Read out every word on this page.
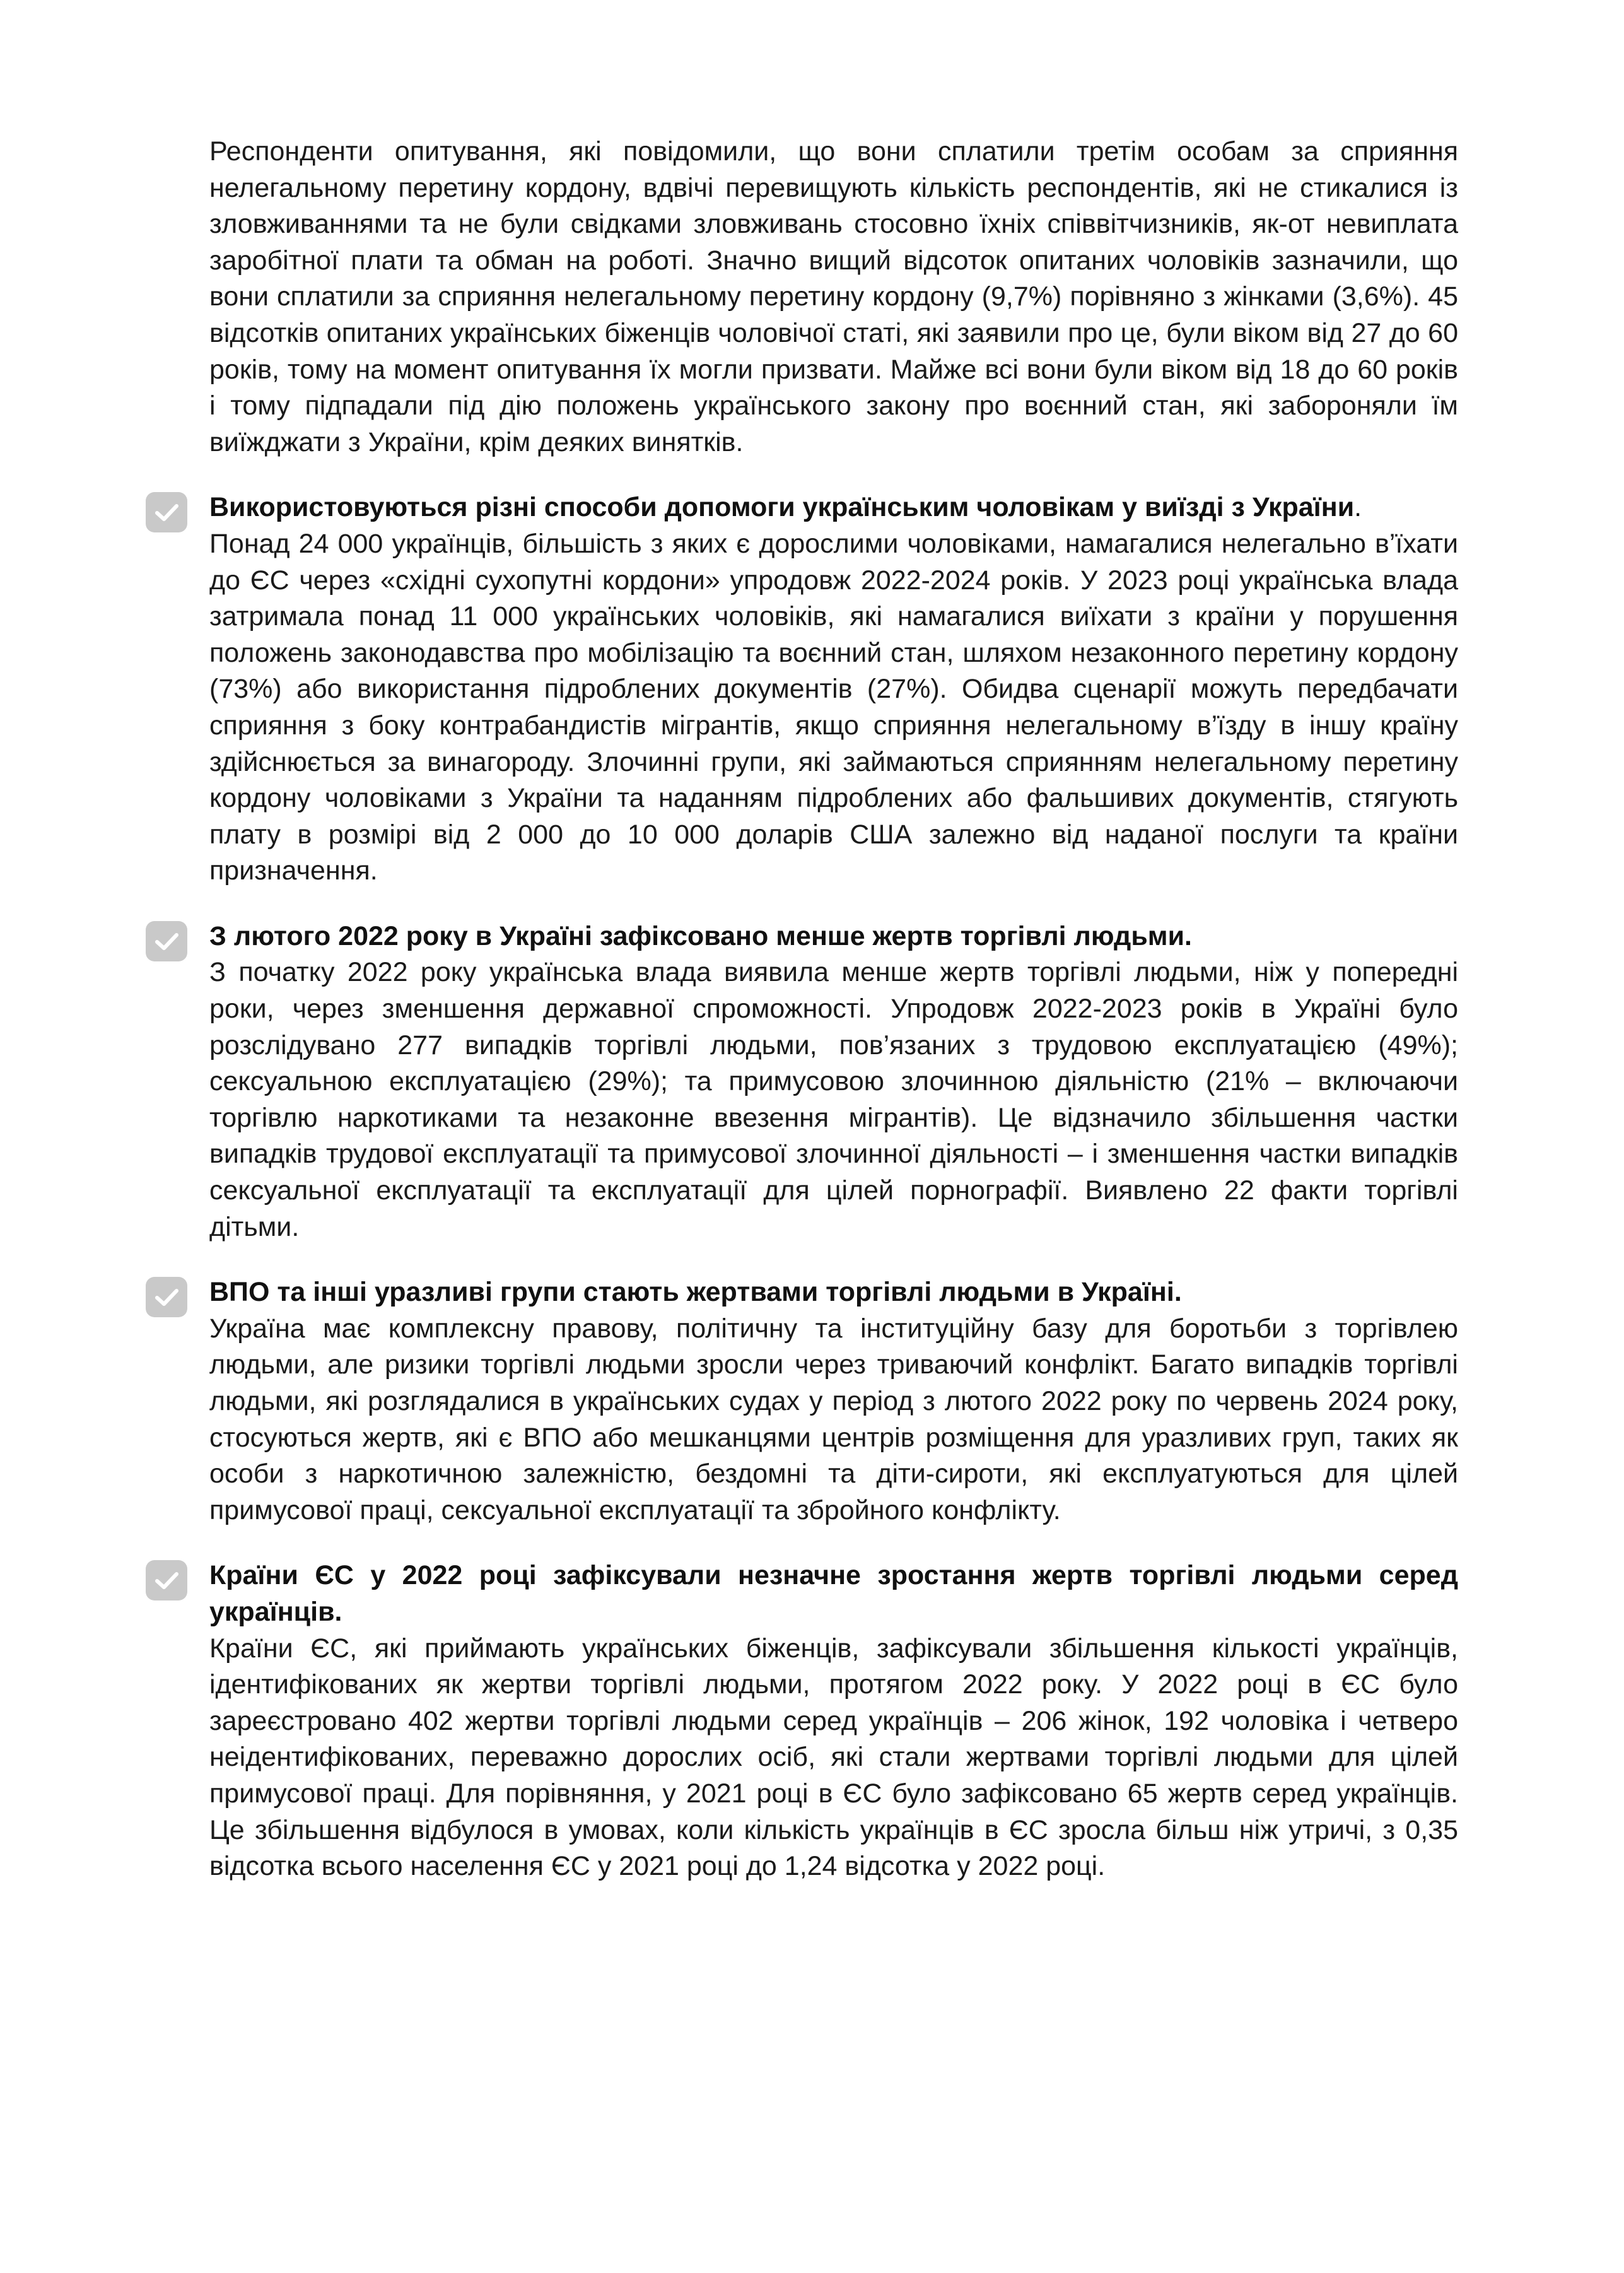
Респонденти опитування, які повідомили, що вони сплатили третім особам за сприяння нелегальному перетину кордону, вдвічі перевищують кількість респондентів, які не стикалися із зловживаннями та не були свідками зловживань стосовно їхніх співвітчизників, як-от невиплата заробітної плати та обман на роботі. Значно вищий відсоток опитаних чоловіків зазначили, що вони сплатили за сприяння нелегальному перетину кордону (9,7%) порівняно з жінками (3,6%). 45 відсотків опитаних українських біженців чоловічої статі, які заявили про це, були віком від 27 до 60 років, тому на момент опитування їх могли призвати. Майже всі вони були віком від 18 до 60 років і тому підпадали під дію положень українського закону про воєнний стан, які забороняли їм виїжджати з України, крім деяких винятків.

Використовуються різні способи допомоги українським чоловікам у виїзді з України.

Понад 24 000 українців, більшість з яких є дорослими чоловіками, намагалися нелегально в’їхати до ЄС через «східні сухопутні кордони» упродовж 2022-2024 років. У 2023 році українська влада затримала понад 11 000 українських чоловіків, які намагалися виїхати з країни у порушення положень законодавства про мобілізацію та воєнний стан, шляхом незаконного перетину кордону (73%) або використання підроблених документів (27%). Обидва сценарії можуть передбачати сприяння з боку контрабандистів мігрантів, якщо сприяння нелегальному в’їзду в іншу країну здійснюється за винагороду. Злочинні групи, які займаються сприянням нелегальному перетину кордону чоловіками з України та наданням підроблених або фальшивих документів, стягують плату в розмірі від 2 000 до 10 000 доларів США залежно від наданої послуги та країни призначення.

З лютого 2022 року в Україні зафіксовано менше жертв торгівлі людьми.

З початку 2022 року українська влада виявила менше жертв торгівлі людьми, ніж у попередні роки, через зменшення державної спроможності. Упродовж 2022-2023 років в Україні було розслідувано 277 випадків торгівлі людьми, пов’язаних з трудовою експлуатацією (49%); сексуальною експлуатацією (29%); та примусовою злочинною діяльністю (21% – включаючи торгівлю наркотиками та незаконне ввезення мігрантів). Це відзначило збільшення частки випадків трудової експлуатації та примусової злочинної діяльності – і зменшення частки випадків сексуальної експлуатації та експлуатації для цілей порнографії. Виявлено 22 факти торгівлі дітьми.

ВПО та інші уразливі групи стають жертвами торгівлі людьми в Україні.

Україна має комплексну правову, політичну та інституційну базу для боротьби з торгівлею людьми, але ризики торгівлі людьми зросли через триваючий конфлікт. Багато випадків торгівлі людьми, які розглядалися в українських судах у період з лютого 2022 року по червень 2024 року, стосуються жертв, які є ВПО або мешканцями центрів розміщення для уразливих груп, таких як особи з наркотичною залежністю, бездомні та діти-сироти, які експлуатуються для цілей примусової праці, сексуальної експлуатації та збройного конфлікту.

Країни ЄС у 2022 році зафіксували незначне зростання жертв торгівлі людьми серед українців.

Країни ЄС, які приймають українських біженців, зафіксували збільшення кількості українців, ідентифікованих як жертви торгівлі людьми, протягом 2022 року. У 2022 році в ЄС було зареєстровано 402 жертви торгівлі людьми серед українців – 206 жінок, 192 чоловіка і четверо неідентифікованих, переважно дорослих осіб, які стали жертвами торгівлі людьми для цілей примусової праці. Для порівняння, у 2021 році в ЄС було зафіксовано 65 жертв серед українців. Це збільшення відбулося в умовах, коли кількість українців в ЄС зросла більш ніж утричі, з 0,35 відсотка всього населення ЄС у 2021 році до 1,24 відсотка у 2022 році.
